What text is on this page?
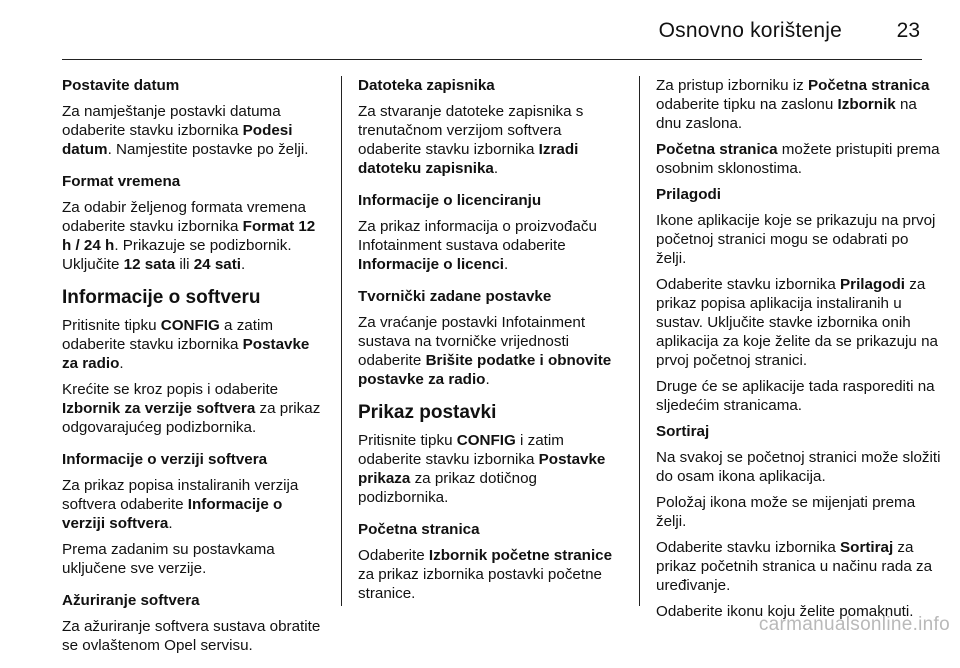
Osnovno korištenje	23

Postavite datum

Za namještanje postavki datuma odaberite stavku izbornika Podesi datum. Namjestite postavke po želji.

Format vremena

Za odabir željenog formata vremena odaberite stavku izbornika Format 12 h / 24 h. Prikazuje se podizbornik. Uključite 12 sata ili 24 sati.

Informacije o softveru

Pritisnite tipku CONFIG a zatim odaberite stavku izbornika Postavke za radio.

Krećite se kroz popis i odaberite Izbornik za verzije softvera za prikaz odgovarajućeg podizbornika.

Informacije o verziji softvera

Za prikaz popisa instaliranih verzija softvera odaberite Informacije o verziji softvera.

Prema zadanim su postavkama uključene sve verzije.

Ažuriranje softvera

Za ažuriranje softvera sustava obratite se ovlaštenom Opel servisu.

Datoteka zapisnika

Za stvaranje datoteke zapisnika s trenutačnom verzijom softvera odaberite stavku izbornika Izradi datoteku zapisnika.

Informacije o licenciranju

Za prikaz informacija o proizvođaču Infotainment sustava odaberite Informacije o licenci.

Tvornički zadane postavke

Za vraćanje postavki Infotainment sustava na tvorničke vrijednosti odaberite Brišite podatke i obnovite postavke za radio.

Prikaz postavki

Pritisnite tipku CONFIG i zatim odaberite stavku izbornika Postavke prikaza za prikaz dotičnog podizbornika.

Početna stranica

Odaberite Izbornik početne stranice za prikaz izbornika postavki početne stranice.

Za pristup izborniku iz Početna stranica odaberite tipku na zaslonu Izbornik na dnu zaslona.

Početna stranica možete pristupiti prema osobnim sklonostima.

Prilagodi

Ikone aplikacije koje se prikazuju na prvoj početnoj stranici mogu se odabrati po želji.

Odaberite stavku izbornika Prilagodi za prikaz popisa aplikacija instaliranih u sustav. Uključite stavke izbornika onih aplikacija za koje želite da se prikazuju na prvoj početnoj stranici.

Druge će se aplikacije tada rasporediti na sljedećim stranicama.

Sortiraj

Na svakoj se početnoj stranici može složiti do osam ikona aplikacija.

Položaj ikona može se mijenjati prema želji.

Odaberite stavku izbornika Sortiraj za prikaz početnih stranica u načinu rada za uređivanje.

Odaberite ikonu koju želite pomaknuti.

carmanualsonline.info
